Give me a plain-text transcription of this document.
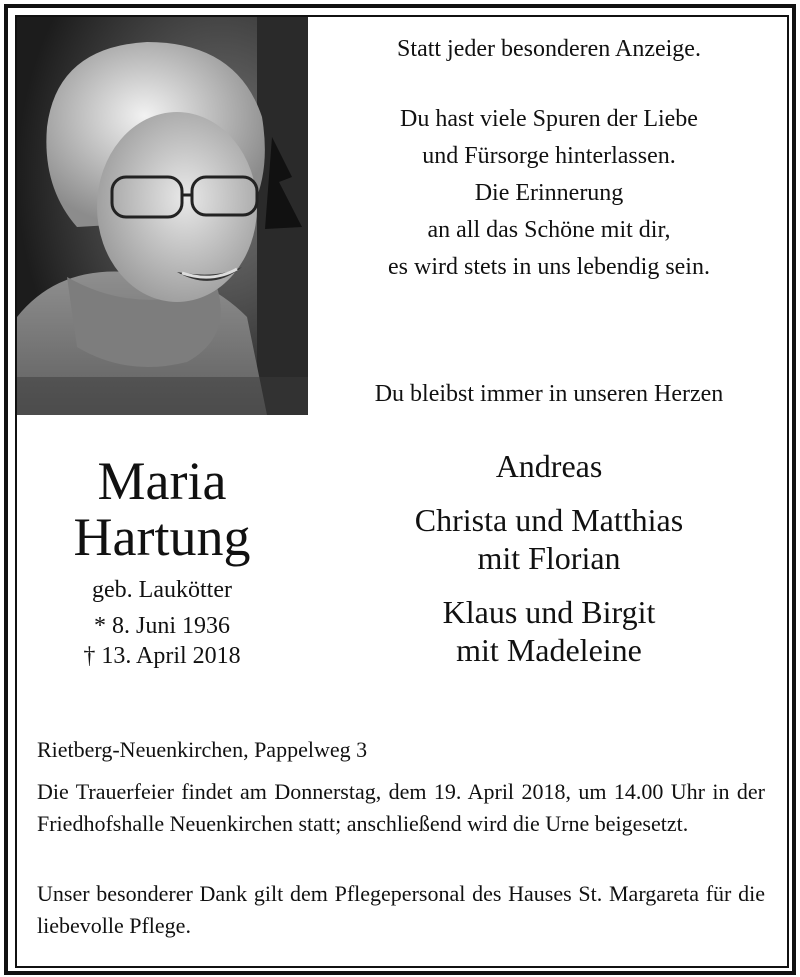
Statt jeder besonderen Anzeige.
Du hast viele Spuren der Liebe
und Fürsorge hinterlassen.
Die Erinnerung
an all das Schöne mit dir,
es wird stets in uns lebendig sein.
Du bleibst immer in unseren Herzen
Maria
Hartung
geb. Laukötter
* 8. Juni 1936
† 13. April 2018
Andreas
Christa und Matthias
mit Florian
Klaus und Birgit
mit Madeleine
Rietberg-Neuenkirchen, Pappelweg 3
Die Trauerfeier findet am Donnerstag, dem 19. April 2018, um 14.00 Uhr in der Friedhofshalle Neuenkirchen statt; anschließend wird die Urne beigesetzt.
Unser besonderer Dank gilt dem Pflegepersonal des Hauses St. Margareta für die liebevolle Pflege.
